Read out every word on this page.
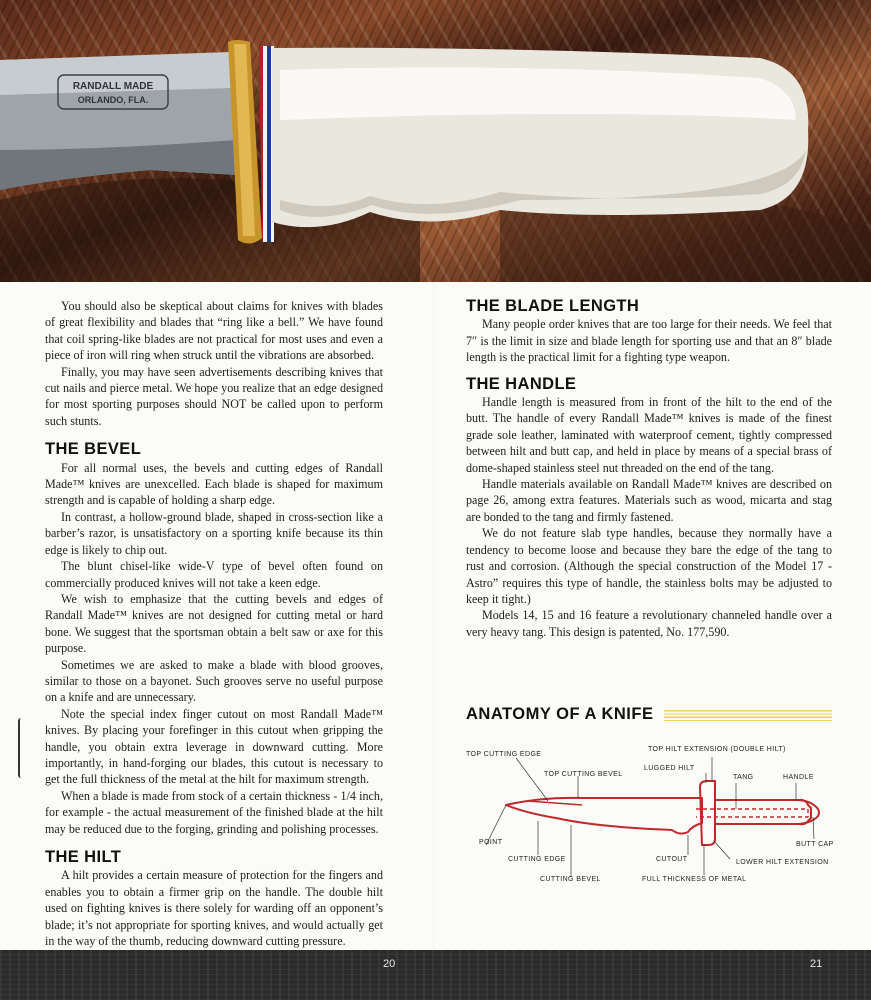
RANDALL MADE
ORLANDO, FLA.

You should also be skeptical about claims for knives with blades of great flexibility and blades that “ring like a bell.” We have found that coil spring-like blades are not practical for most uses and even a piece of iron will ring when struck until the vibrations are absorbed.

Finally, you may have seen advertisements describing knives that cut nails and pierce metal. We hope you realize that an edge designed for most sporting purposes should NOT be called upon to perform such stunts.

THE BEVEL

For all normal uses, the bevels and cutting edges of Randall Made™ knives are unexcelled. Each blade is shaped for maximum strength and is capable of holding a sharp edge.

In contrast, a hollow-ground blade, shaped in cross-section like a barber’s razor, is unsatisfactory on a sporting knife because its thin edge is likely to chip out.

The blunt chisel-like wide-V type of bevel often found on commercially produced knives will not take a keen edge.

We wish to emphasize that the cutting bevels and edges of Randall Made™ knives are not designed for cutting metal or hard bone. We suggest that the sportsman obtain a belt saw or axe for this purpose.

Sometimes we are asked to make a blade with blood grooves, similar to those on a bayonet. Such grooves serve no useful purpose on a knife and are unnecessary.

Note the special index finger cutout on most Randall Made™ knives. By placing your forefinger in this cutout when gripping the handle, you obtain extra leverage in downward cutting. More importantly, in hand-forging our blades, this cutout is necessary to get the full thickness of the metal at the hilt for maximum strength.

When a blade is made from stock of a certain thickness - 1/4 inch, for example - the actual measurement of the finished blade at the hilt may be reduced due to the forging, grinding and polishing processes.

THE HILT

A hilt provides a certain measure of protection for the fingers and enables you to obtain a firmer grip on the handle. The double hilt used on fighting knives is there solely for warding off an opponent’s blade; it’s not appropriate for sporting knives, and would actually get in the way of the thumb, reducing downward cutting pressure.

THE BLADE LENGTH

Many people order knives that are too large for their needs. We feel that 7″ is the limit in size and blade length for sporting use and that an 8″ blade length is the practical limit for a fighting type weapon.

THE HANDLE

Handle length is measured from in front of the hilt to the end of the butt. The handle of every Randall Made™ knives is made of the finest grade sole leather, laminated with waterproof cement, tightly compressed between hilt and butt cap, and held in place by means of a special brass of dome-shaped stainless steel nut threaded on the end of the tang.

Handle materials available on Randall Made™ knives are described on page 26, among extra features. Materials such as wood, micarta and stag are bonded to the tang and firmly fastened.

We do not feature slab type handles, because they normally have a tendency to become loose and because they bare the edge of the tang to rust and corrosion. (Although the special construction of the Model 17 -Astro” requires this type of handle, the stainless bolts may be adjusted to keep it tight.)

Models 14, 15 and 16 feature a revolutionary channeled handle over a very heavy tang. This design is patented, No. 177,590.

ANATOMY OF A KNIFE
TOP CUTTING EDGE
TOP CUTTING BEVEL
TOP HILT EXTENSION (DOUBLE HILT)
LUGGED HILT
TANG	HANDLE
POINT	BUTT CAP
CUTTING EDGE	CUTOUT	LOWER HILT EXTENSION
CUTTING BEVEL	FULL THICKNESS OF METAL
20	21
